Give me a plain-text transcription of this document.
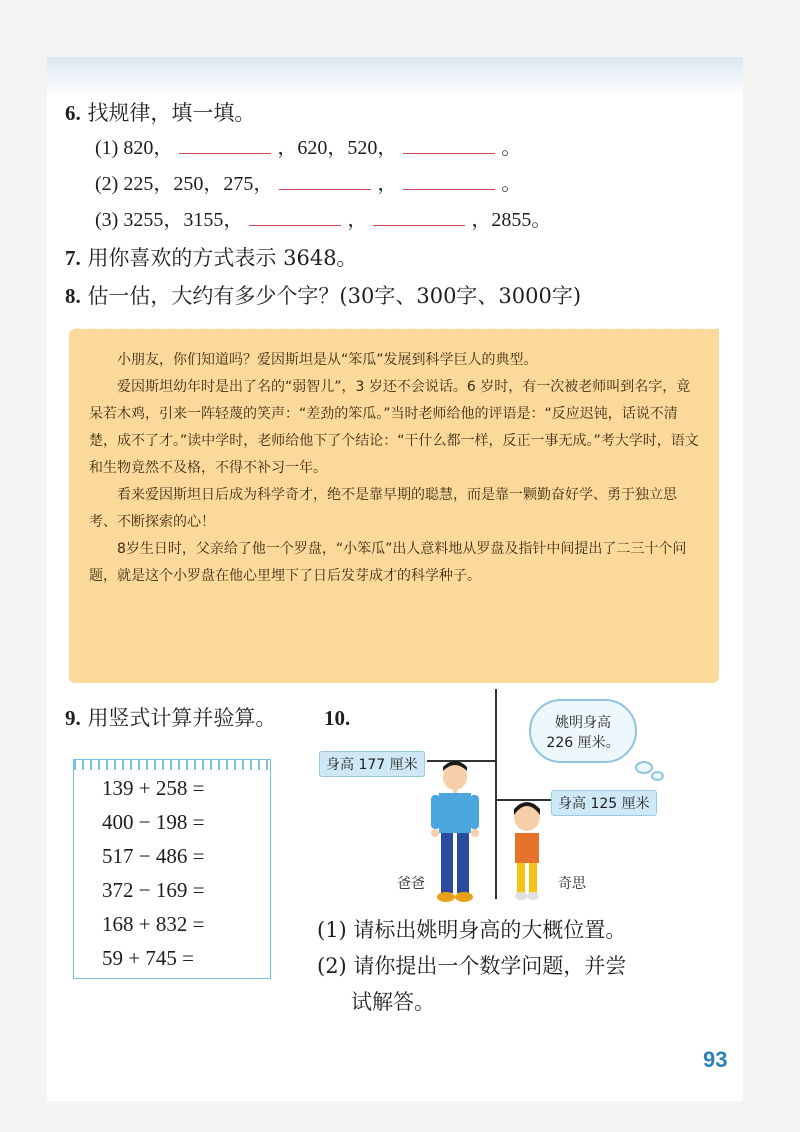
6. 找规律，填一填。
(1) 820，	，620，520，	。
(2) 225，250，275，	，	。
(3) 3255，3155，	，	，2855。
7. 用你喜欢的方式表示 3648。
8. 估一估，大约有多少个字？(30字、300字、3000字)

小朋友，你们知道吗？爱因斯坦是从“笨瓜”发展到科学巨人的典型。

爱因斯坦幼年时是出了名的“弱智儿”，3 岁还不会说话。6 岁时，有一次被老师叫到名字，竟呆若木鸡，引来一阵轻蔑的笑声：“差劲的笨瓜。”当时老师给他的评语是：“反应迟钝，话说不清楚，成不了才。”读中学时，老师给他下了个结论：“干什么都一样，反正一事无成。”考大学时，语文和生物竟然不及格，不得不补习一年。

看来爱因斯坦日后成为科学奇才，绝不是靠早期的聪慧，而是靠一颗勤奋好学、勇于独立思考、不断探索的心！

8岁生日时，父亲给了他一个罗盘，“小笨瓜”出人意料地从罗盘及指针中间提出了二三十个问题，就是这个小罗盘在他心里埋下了日后发芽成才的科学种子。

9. 用竖式计算并验算。
139 + 258 =
400 − 198 =
517 − 486 =
372 − 169 =
168 + 832 =
59 + 745 =
10.
身高 177 厘米
身高 125 厘米
姚明身高
226 厘米。
爸爸	奇思
(1) 请标出姚明身高的大概位置。
(2) 请你提出一个数学问题，并尝
试解答。
93
